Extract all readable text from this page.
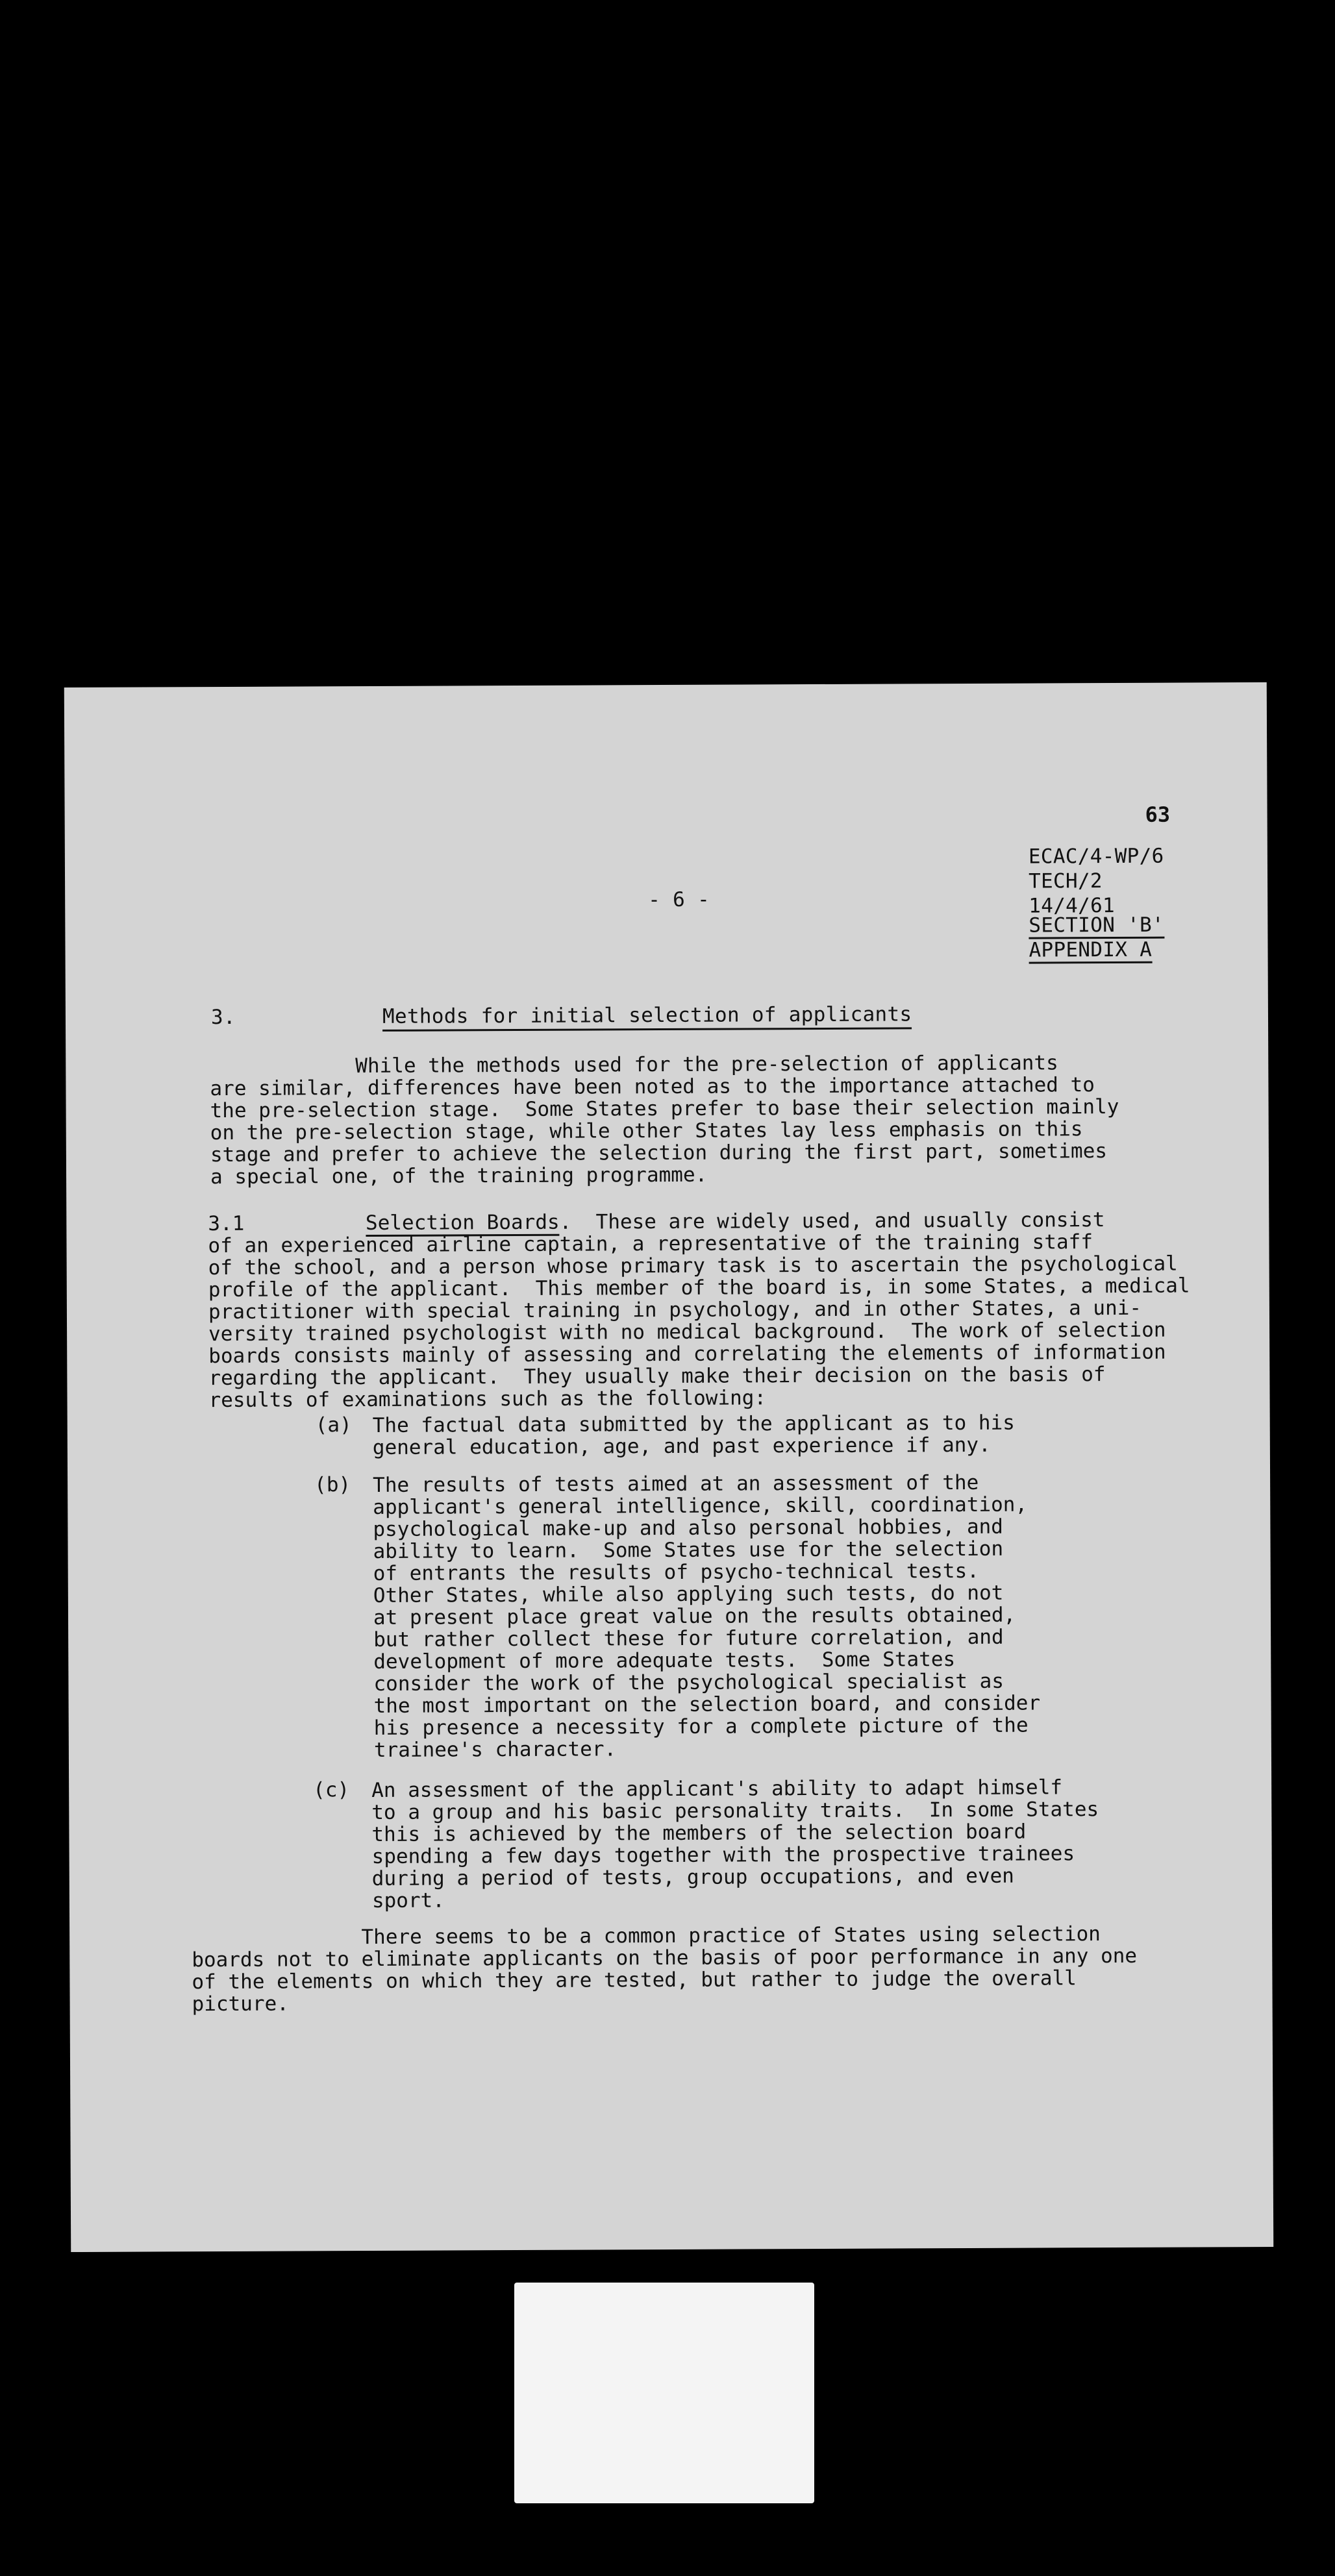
63
- 6 -
ECAC/4-WP/6
TECH/2
14/4/61
SECTION 'B'
APPENDIX A
3.	Methods for initial selection of applicants
While the methods used for the pre-selection of applicants
are similar, differences have been noted as to the importance attached to
the pre-selection stage.  Some States prefer to base their selection mainly
on the pre-selection stage, while other States lay less emphasis on this
stage and prefer to achieve the selection during the first part, sometimes
a special one, of the training programme.
3.1	Selection Boards.  These are widely used, and usually consist
of an experienced airline captain, a representative of the training staff
of the school, and a person whose primary task is to ascertain the psychological
profile of the applicant.  This member of the board is, in some States, a medical
practitioner with special training in psychology, and in other States, a uni-
versity trained psychologist with no medical background.  The work of selection
boards consists mainly of assessing and correlating the elements of information
regarding the applicant.  They usually make their decision on the basis of
results of examinations such as the following:
(a) The factual data submitted by the applicant as to his
general education, age, and past experience if any.
(b) The results of tests aimed at an assessment of the
applicant's general intelligence, skill, coordination,
psychological make-up and also personal hobbies, and
ability to learn.  Some States use for the selection
of entrants the results of psycho-technical tests.
Other States, while also applying such tests, do not
at present place great value on the results obtained,
but rather collect these for future correlation, and
development of more adequate tests.  Some States
consider the work of the psychological specialist as
the most important on the selection board, and consider
his presence a necessity for a complete picture of the
trainee's character.
(c) An assessment of the applicant's ability to adapt himself
to a group and his basic personality traits.  In some States
this is achieved by the members of the selection board
spending a few days together with the prospective trainees
during a period of tests, group occupations, and even
sport.
There seems to be a common practice of States using selection
boards not to eliminate applicants on the basis of poor performance in any one
of the elements on which they are tested, but rather to judge the overall
picture.
